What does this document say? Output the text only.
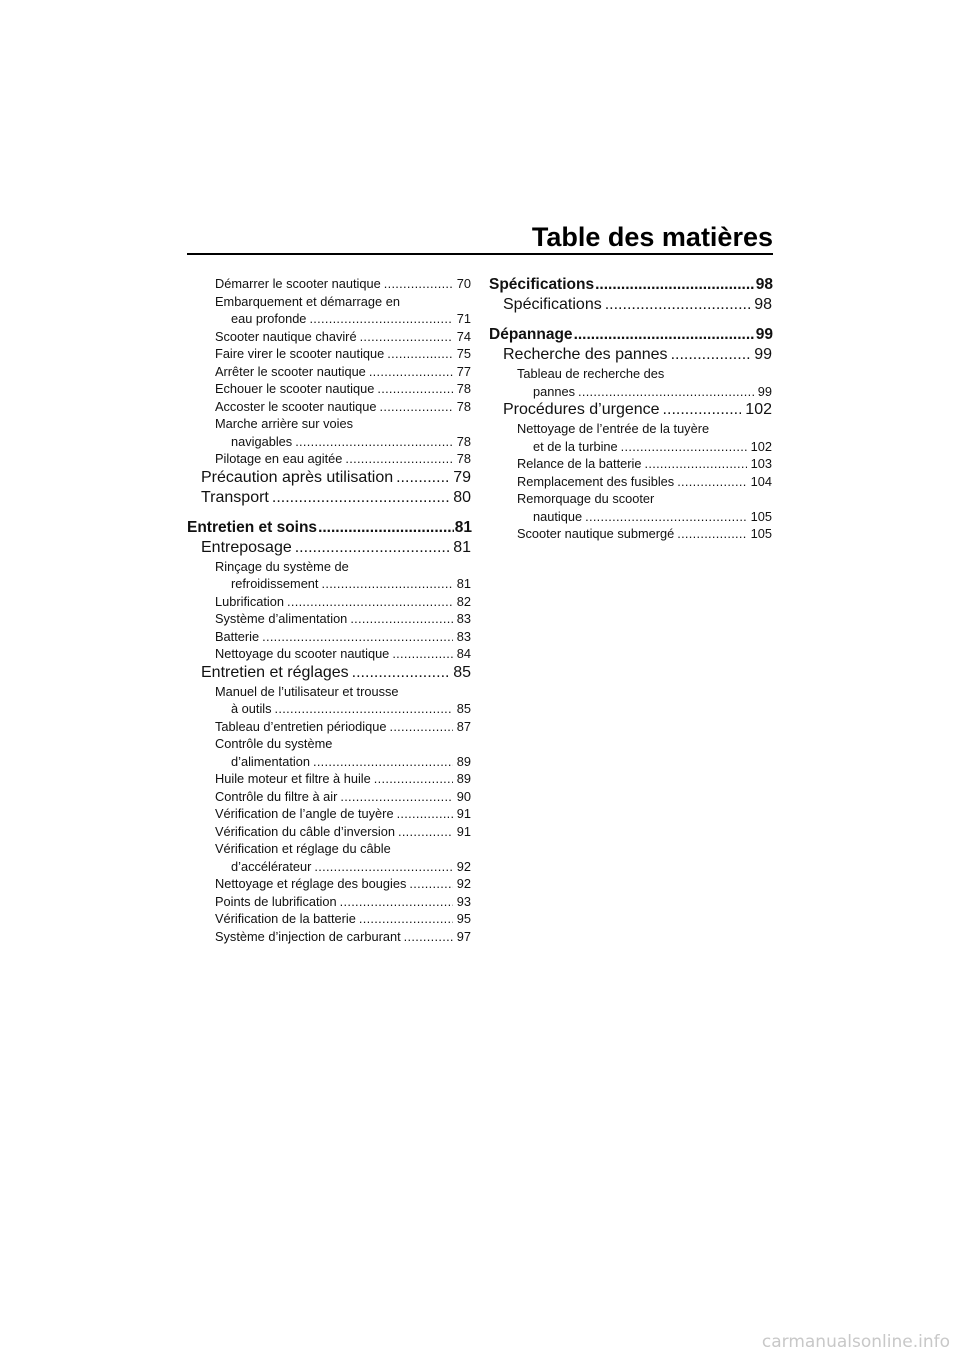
Table des matières
Démarrer le scooter nautique .....	70
Embarquement et démarrage en
eau profonde .....	71
Scooter nautique chaviré .....	74
Faire virer le scooter nautique .....	75
Arrêter le scooter nautique .....	77
Echouer le scooter nautique .....	78
Accoster le scooter nautique .....	78
Marche arrière sur voies
navigables .....	78
Pilotage en eau agitée .....	78
Précaution après utilisation .....	79
Transport .....	80
Entretien et soins .....	81
Entreposage .....	81
Rinçage du système de
refroidissement .....	81
Lubrification .....	82
Système d’alimentation .....	83
Batterie .....	83
Nettoyage du scooter nautique .....	84
Entretien et réglages .....	85
Manuel de l’utilisateur et trousse
à outils .....	85
Tableau d’entretien périodique .....	87
Contrôle du système
d’alimentation .....	89
Huile moteur et filtre à huile .....	89
Contrôle du filtre à air .....	90
Vérification de l’angle de tuyère .....	91
Vérification du câble d’inversion .....	91
Vérification et réglage du câble
d’accélérateur .....	92
Nettoyage et réglage des bougies .....	92
Points de lubrification .....	93
Vérification de la batterie .....	95
Système d’injection de carburant .....	97
Spécifications .....	98
Spécifications .....	98
Dépannage .....	99
Recherche des pannes .....	99
Tableau de recherche des
pannes .....	99
Procédures d’urgence .....	102
Nettoyage de l’entrée de la tuyère
et de la turbine .....	102
Relance de la batterie .....	103
Remplacement des fusibles .....	104
Remorquage du scooter
nautique .....	105
Scooter nautique submergé .....	105
carmanualsonline.info
